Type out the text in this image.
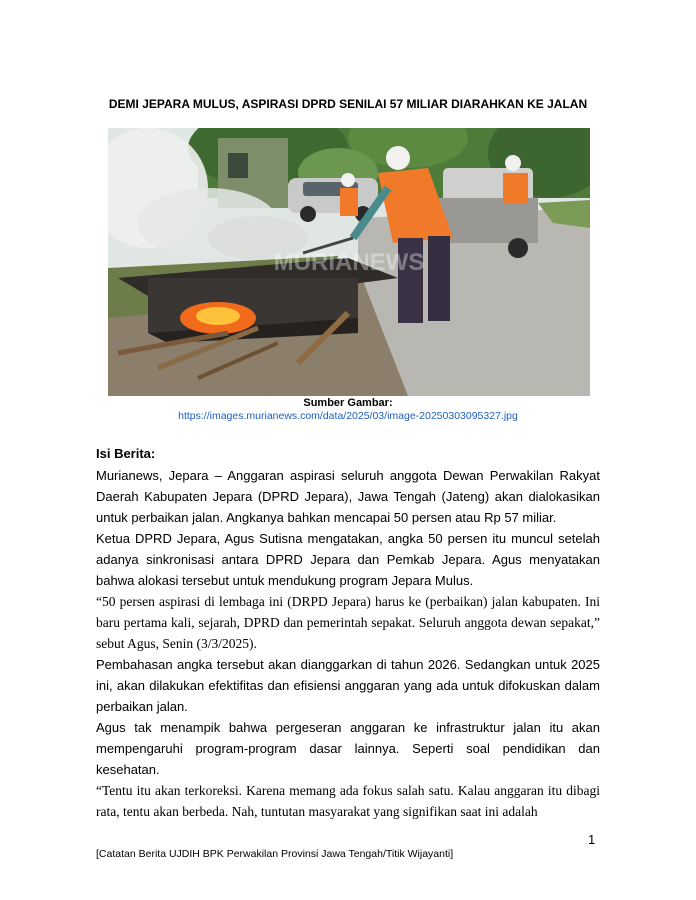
DEMI JEPARA MULUS, ASPIRASI DPRD SENILAI 57 MILIAR DIARAHKAN KE JALAN
MURIANEWS
Sumber Gambar:
https://images.murianews.com/data/2025/03/image-20250303095327.jpg
Isi Berita:

Murianews, Jepara – Anggaran aspirasi seluruh anggota Dewan Perwakilan Rakyat Daerah Kabupaten Jepara (DPRD Jepara), Jawa Tengah (Jateng) akan dialokasikan untuk perbaikan jalan. Angkanya bahkan mencapai 50 persen atau Rp 57 miliar.

Ketua DPRD Jepara, Agus Sutisna mengatakan, angka 50 persen itu muncul setelah adanya sinkronisasi antara DPRD Jepara dan Pemkab Jepara. Agus menyatakan bahwa alokasi tersebut untuk mendukung program Jepara Mulus.

“50 persen aspirasi di lembaga ini (DRPD Jepara) harus ke (perbaikan) jalan kabupaten. Ini baru pertama kali, sejarah, DPRD dan pemerintah sepakat. Seluruh anggota dewan sepakat,” sebut Agus, Senin (3/3/2025).

Pembahasan angka tersebut akan dianggarkan di tahun 2026. Sedangkan untuk 2025 ini, akan dilakukan efektifitas dan efisiensi anggaran yang ada untuk difokuskan dalam perbaikan jalan.

Agus tak menampik bahwa pergeseran anggaran ke infrastruktur jalan itu akan mempengaruhi program-program dasar lainnya. Seperti soal pendidikan dan kesehatan.

“Tentu itu akan terkoreksi. Karena memang ada fokus salah satu. Kalau anggaran itu dibagi rata, tentu akan berbeda. Nah, tuntutan masyarakat yang signifikan saat ini adalah

1
[Catatan Berita UJDIH BPK Perwakilan Provinsi Jawa Tengah/Titik Wijayanti]
